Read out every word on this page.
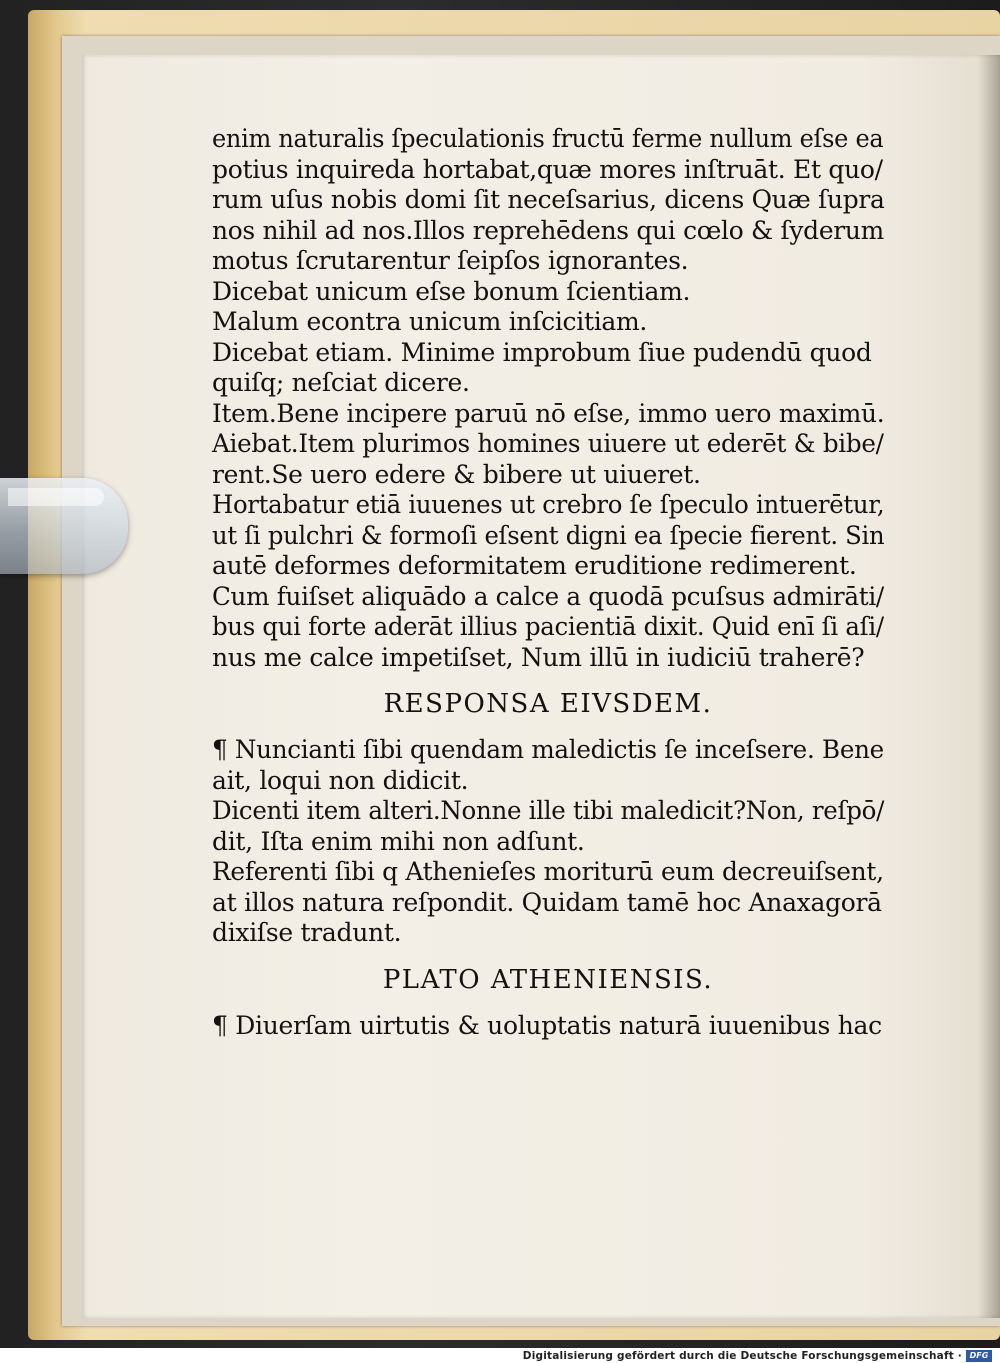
enim naturalis ſpeculationis fructū ferme nullum eſse ea
potius inquireda hortabat,quæ mores inſtruāt. Et quo/
rum uſus nobis domi ſit neceſsarius, dicens Quæ ſupra
nos nihil ad nos.Illos reprehēdens qui cœlo & ſyderum
motus ſcrutarentur ſeipſos ignorantes.
Dicebat unicum eſse bonum ſcientiam.
Malum econtra unicum inſcicitiam.
Dicebat etiam. Minime improbum ſiue pudendū quod
quiſq; neſciat dicere.
Item.Bene incipere paruū nō eſse, immo uero maximū.
Aiebat.Item plurimos homines uiuere ut ederēt & bibe/
rent.Se uero edere & bibere ut uiueret.
Hortabatur etiā iuuenes ut crebro ſe ſpeculo intuerētur,
ut ſi pulchri & formoſi eſsent digni ea ſpecie fierent. Sin
autē deformes deformitatem eruditione redimerent.
Cum fuiſset aliquādo a calce a quodā pcuſsus admirāti/
bus qui forte aderāt illius pacientiā dixit. Quid enī ſi aſi/
nus me calce impetiſset, Num illū in iudiciū traherē?
RESPONSA EIVSDEM.
¶ Nuncianti ſibi quendam maledictis ſe inceſsere. Bene
ait, loqui non didicit.
Dicenti item alteri.Nonne ille tibi maledicit?Non, reſpō/
dit, Iſta enim mihi non adſunt.
Referenti ſibi q Athenieſes moriturū eum decreuiſsent,
at illos natura reſpondit. Quidam tamē hoc Anaxagorā
dixiſse tradunt.
PLATO ATHENIENSIS.
¶ Diuerſam uirtutis & uoluptatis naturā iuuenibus hac
Digitalisierung gefördert durch die Deutsche Forschungsgemeinschaft · DFG
